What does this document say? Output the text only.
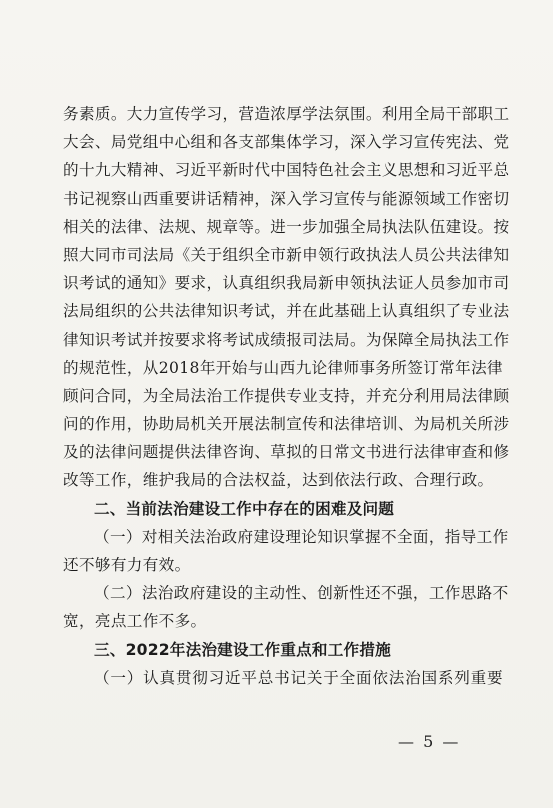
务素质。大力宣传学习，营造浓厚学法氛围。利用全局干部职工
大会、局党组中心组和各支部集体学习，深入学习宣传宪法、党
的十九大精神、习近平新时代中国特色社会主义思想和习近平总
书记视察山西重要讲话精神，深入学习宣传与能源领域工作密切
相关的法律、法规、规章等。进一步加强全局执法队伍建设。按
照大同市司法局《关于组织全市新申领行政执法人员公共法律知
识考试的通知》要求，认真组织我局新申领执法证人员参加市司
法局组织的公共法律知识考试，并在此基础上认真组织了专业法
律知识考试并按要求将考试成绩报司法局。为保障全局执法工作
的规范性，从2018年开始与山西九论律师事务所签订常年法律
顾问合同，为全局法治工作提供专业支持，并充分利用局法律顾
问的作用，协助局机关开展法制宣传和法律培训、为局机关所涉
及的法律问题提供法律咨询、草拟的日常文书进行法律审查和修
改等工作，维护我局的合法权益，达到依法行政、合理行政。
二、当前法治建设工作中存在的困难及问题
（一）对相关法治政府建设理论知识掌握不全面，指导工作
还不够有力有效。
（二）法治政府建设的主动性、创新性还不强，工作思路不
宽，亮点工作不多。
三、2022年法治建设工作重点和工作措施
（一）认真贯彻习近平总书记关于全面依法治国系列重要
— 5 —
